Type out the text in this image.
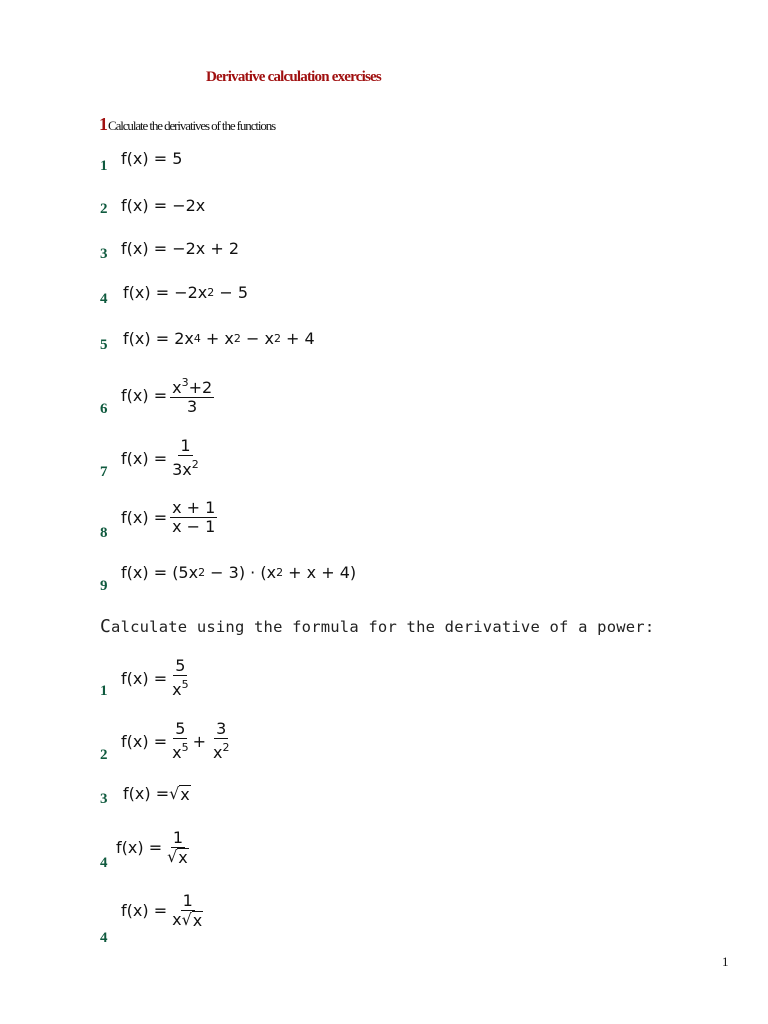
Derivative calculation exercises
1Calculate the derivatives of the functions
1 f(x)
=
5
2 f(x)
=
−2x
3 f(x)
=
−2x + 2
4 f(x)
=
−2x 2 − 5
5 f(x)
=
2x 4 + x 2 − x 2 + 4
6
f(x)
= $\frac{x^3+2}{3}$
7
f(x)
= $\frac{1}{3x^2}$
8
f(x)
= $\frac{x + 1}{x - 1}$
9
f(x)
=
(5x 2 − 3) · (x 2 + x + 4)
Calculate using the formula for the derivative of a power:
1
f(x)
= $\frac{5}{x^5}$
2
f(x)
= $\frac{5}{x^5} + \frac{3}{x^2}$
3 f(x)
= √ x
4
f(x)
= $\frac{1}{√ x}$
4
f(x)
= $\frac{1}{x √ x}$
1
